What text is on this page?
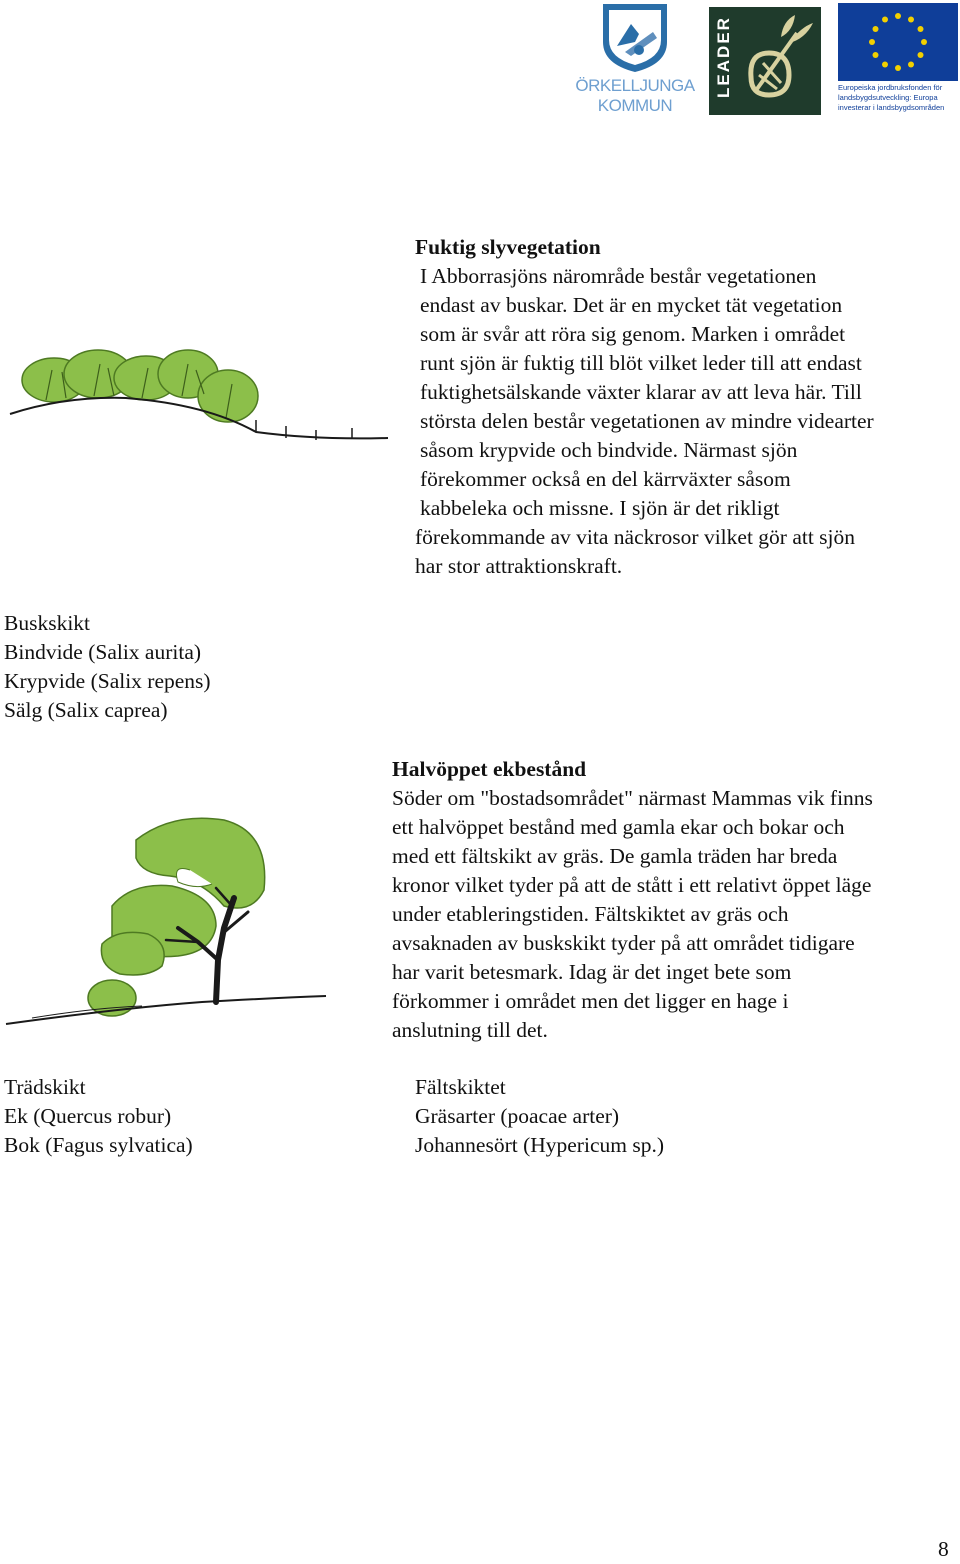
ÖRKELLJUNGA
KOMMUN
LEADER	Europeiska jordbruksfonden för
landsbygdsutveckling: Europa
investerar i landsbygdsområden
Fuktig slyvegetation
I Abborrasjöns närområde består vegetationen
endast av buskar. Det är en mycket tät vegetation
som är svår att röra sig genom. Marken i området
runt sjön är fuktig till blöt vilket leder till att endast
fuktighetsälskande växter klarar av att leva här. Till
största delen består vegetationen av mindre videarter
såsom krypvide och bindvide. Närmast sjön
förekommer också en del kärrväxter såsom
kabbeleka och missne. I sjön är det rikligt
förekommande av vita näckrosor vilket gör att sjön
har stor attraktionskraft.
Buskskikt
Bindvide (Salix aurita)
Krypvide (Salix repens)
Sälg (Salix caprea)
Halvöppet ekbestånd
Söder om "bostadsområdet" närmast Mammas vik finns
ett halvöppet bestånd med gamla ekar och bokar och
med ett fältskikt av gräs. De gamla träden har breda
kronor vilket tyder på att de stått i ett relativt öppet läge
under etableringstiden. Fältskiktet av gräs och
avsaknaden av buskskikt tyder på att området tidigare
har varit betesmark. Idag är det inget bete som
förkommer i området men det ligger en hage i
anslutning till det.
Trädskikt
Ek (Quercus robur)
Bok (Fagus sylvatica)
Fältskiktet
Gräsarter (poacae arter)
Johannesört (Hypericum sp.)
8
